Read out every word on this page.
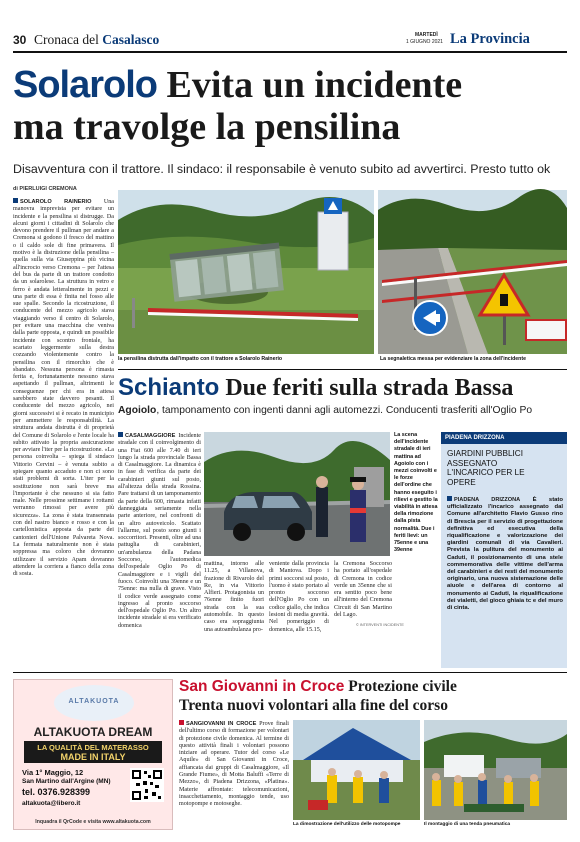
30 Cronaca del Casalasco	MARTEDÌ
1 GIUGNO 2021 La Provincia
Solarolo Evita un incidente
ma travolge la pensilina
Disavventura con il trattore. Il sindaco: il responsabile è venuto subito ad avvertirci. Presto tutto ok
di PIERLUIGI CREMONA

SOLAROLO RAINERIO Una manovra imprevista per evitare un incidente e la pensilina si distrugge. Da alcuni giorni i cittadini di Solarolo che devono prendere il pullman per andare a Cremona si godono il fresco del mattino o il caldo sole di fine primavera. Il motivo è la distruzione della pensilina – quella sulla via Giuseppina più vicina all'incrocio verso Cremona – per l'attesa del bus da parte di un trattore condotto da un solarolese. La struttura in vetro e ferro è andata letteralmente in pezzi e una parte di essa è finita nel fosso alle sue spalle. Secondo la ricostruzione, il conducente del mezzo agricolo stava viaggiando verso il centro di Solarolo, per evitare una macchina che veniva dalla parte opposta, e quindi un possibile incidente con scontro frontale, ha scartato leggermente sulla destra cozzando violentemente contro la pensilina con il rimorchio che è sbandato. Nessuna persona è rimasta ferita e, fortunatamente nessuno stava aspettando il pullman, altrimenti le conseguenze per chi era in attesa sarebbero state davvero pesanti. Il conducente del mezzo agricolo, nei giorni successivi si è recato in municipio per ammettere le responsabilità. La struttura andata distrutta è di proprietà del Comune di Solarolo e l'ente locale ha subito attivato la propria assicurazione per avviare l'iter per la ricostruzione. «La persona coinvolta – spiega il sindaco Vittorio Cervini – è venuta subito a spiegare quanto accaduto e non ci sono stati problemi di sorta. L'iter per la sostituzione non sarà breve ma l'importante è che nessuno si sia fatto male. Nelle prossime settimane i rottami verranno rimossi per avere più sicurezza». La zona è stata transennata con del nastro bianco e rosso e con la cartellonistica apposta da parte dei cantonieri dell'Unione Palvareta Nova. La fermata naturalmente non è stata soppressa ma coloro che dovranno utilizzare il servizio Apam dovranno attendere la corriera a fianco della zona di sosta.

la pensilina distrutta dall'impatto con il trattore a Solarolo Rainerio	La segnaletica messa per evidenziare la zona dell'incidente
Schianto Due feriti sulla strada Bassa
Agoiolo, tamponamento con ingenti danni agli automezzi. Conducenti trasferiti all'Oglio Po

CASALMAGGIORE Incidente stradale con il coinvolgimento di una Fiat 600 alle 7.40 di ieri lungo la strada provinciale Bassa di Casalmaggiore. La dinamica è in fase di verifica da parte dei carabinieri giunti sul posto, all'altezza della strada Rossina. Pare trattarsi di un tamponamento da parte della 600, rimasta infatti danneggiata seriamente nella parte anteriore, nel confronti di un altro autoveicolo. Scattato l'allarme, sul posto sono giunti i soccorritori. Presenti, oltre ad una pattuglia di carabinieri, un'ambulanza della Padana Soccorso, l'automedica dell'ospedale Oglio Po di Casalmaggiore e i vigili del fuoco. Coinvolti una 39enne e un 75enne: ma nulla di grave. Visto il codice verde assegnato come ingresso al pronto soccorso dell'ospedale Oglio Po. Un altro incidente stradale si era verificato domenica

La scena dell'incidente stradale di ieri mattina ad Agoiolo con i mezzi coinvolti e le forze dell'ordine che hanno eseguito i rilievi e gestito la viabilità in attesa della rimozione dalla pista normalità. Due i feriti lievi: un 75enne e una 39enne
mattina, intorno alle 11.25, a Villanova, frazione di Rivarolo del Re, in via Vittorio Alfieri. Protagonista un 76enne finito fuori strada con la sua automobile. In questo caso era sopraggiunta una autoambulanza pro-
veniente dalla provincia di Mantova. Dopo i primi soccorsi sul posto, l'uomo è stato portato al pronto soccorso dell'Oglio Po con un codice giallo, che indica lesioni di media gravità. Nel pomeriggio di domenica, alle 15.15,
la Cremona Soccorso ha portato all'ospedale di Cremona in codice verde un 35enne che si era sentito poco bene all'interno del Cremona Circuit di San Martino del Lago.
© INTERVENTI INCIDENTE
PIADENA DRIZZONA
GIARDINI PUBBLICI ASSEGNATO L'INCARICO PER LE OPERE

PIADENA DRIZZONA È stato ufficializzato l'incarico assegnato dal Comune all'architetto Flavio Gusso rino di Brescia per il servizio di progettazione definitiva ed esecutiva della riqualificazione e valorizzazione dei giardini comunali di via Cavalieri. Prevista la pulitura del monumento ai Caduti, il posizionamento di una stele commemorativa delle vittime dell'arma del carabinieri e dei resti del monumento originario, una nuova sistemazione delle aiuole e dell'area di contorno al monumento ai Caduti, la riqualificazione dei vialetti, del gioco ghiaia tc e del muro di cinta.

ALTAKUOTA
ALTAKUOTA DREAM
LA QUALITÀ DEL MATERASSO
MADE IN ITALY
Via 1° Maggio, 12
San Martino dall'Argine (MN)
tel. 0376.928399
altakuota@libero.it
Inquadra il QrCode e visita www.altakuota.com
San Giovanni in Croce Protezione civile
Trenta nuovi volontari alla fine del corso

SANGIOVANNI IN CROCE Prove finali dell'ultimo corso di formazione per volontari di protezione civile domenica. Al termine di questo attività finali i volontari possono iniziare ad operare. Tutor del corso «Le Aquile» di San Giovanni in Croce, affiancata dai gruppi di Casalmaggiore, «Il Grande Fiume», di Motta Baluffi «Terre di Mezzo», di Piadena Drizzona, «Platina». Materie affrontate: telecomunicazioni, insacchettamento, montaggio tende, uso motopompe e motoseghe.

La dimostrazione dell'utilizzo delle motopompe	Il montaggio di una tenda pneumatica
